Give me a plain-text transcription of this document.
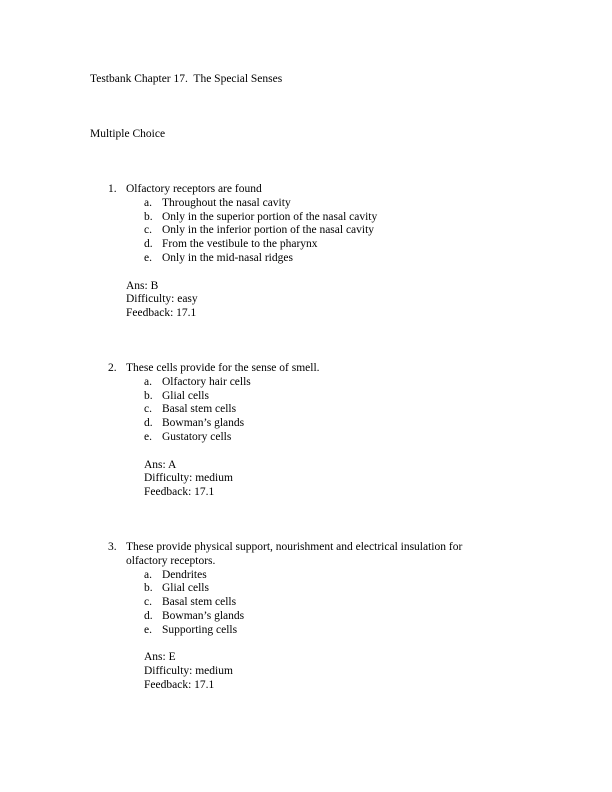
Testbank Chapter 17.  The Special Senses
Multiple Choice
1. Olfactory receptors are found
a. Throughout the nasal cavity
b. Only in the superior portion of the nasal cavity
c. Only in the inferior portion of the nasal cavity
d. From the vestibule to the pharynx
e. Only in the mid-nasal ridges
Ans: B
Difficulty: easy
Feedback: 17.1
2. These cells provide for the sense of smell.
a. Olfactory hair cells
b. Glial cells
c. Basal stem cells
d. Bowman’s glands
e. Gustatory cells
Ans: A
Difficulty: medium
Feedback: 17.1
3. These provide physical support, nourishment and electrical insulation for olfactory receptors.
a. Dendrites
b. Glial cells
c. Basal stem cells
d. Bowman’s glands
e. Supporting cells
Ans: E
Difficulty: medium
Feedback: 17.1
